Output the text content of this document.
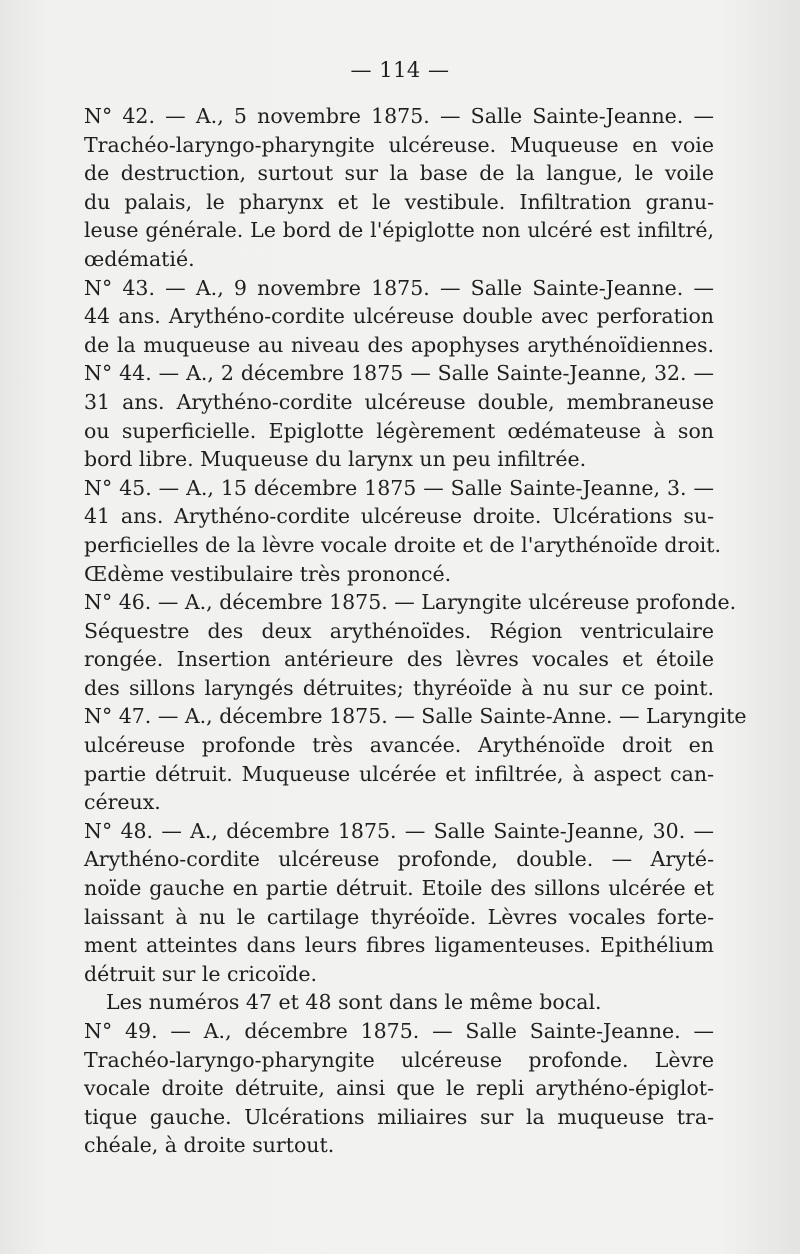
— 114 —

N° 42. — A., 5 novembre 1875. — Salle Sainte-Jeanne. —
Trachéo-laryngo-pharyngite ulcéreuse. Muqueuse en voie
de destruction, surtout sur la base de la langue, le voile
du palais, le pharynx et le vestibule. Infiltration granu-
leuse générale. Le bord de l'épiglotte non ulcéré est infiltré,
œdématié.

N° 43. — A., 9 novembre 1875. — Salle Sainte-Jeanne. —
44 ans. Arythéno-cordite ulcéreuse double avec perforation
de la muqueuse au niveau des apophyses arythénoïdiennes.

N° 44. — A., 2 décembre 1875 — Salle Sainte-Jeanne, 32. —
31 ans. Arythéno-cordite ulcéreuse double, membraneuse
ou superficielle. Epiglotte légèrement œdémateuse à son
bord libre. Muqueuse du larynx un peu infiltrée.

N° 45. — A., 15 décembre 1875 — Salle Sainte-Jeanne, 3. —
41 ans. Arythéno-cordite ulcéreuse droite. Ulcérations su-
perficielles de la lèvre vocale droite et de l'arythénoïde droit.
Œdème vestibulaire très prononcé.

N° 46. — A., décembre 1875. — Laryngite ulcéreuse profonde.
Séquestre des deux arythénoïdes. Région ventriculaire
rongée. Insertion antérieure des lèvres vocales et étoile
des sillons laryngés détruites; thyréoïde à nu sur ce point.

N° 47. — A., décembre 1875. — Salle Sainte-Anne. — Laryngite
ulcéreuse profonde très avancée. Arythénoïde droit en
partie détruit. Muqueuse ulcérée et infiltrée, à aspect can-
céreux.

N° 48. — A., décembre 1875. — Salle Sainte-Jeanne, 30. —
Arythéno-cordite ulcéreuse profonde, double. — Aryté-
noïde gauche en partie détruit. Etoile des sillons ulcérée et
laissant à nu le cartilage thyréoïde. Lèvres vocales forte-
ment atteintes dans leurs fibres ligamenteuses. Epithélium
détruit sur le cricoïde.

Les numéros 47 et 48 sont dans le même bocal.

N° 49. — A., décembre 1875. — Salle Sainte-Jeanne. —
Trachéo-laryngo-pharyngite ulcéreuse profonde. Lèvre
vocale droite détruite, ainsi que le repli arythéno-épiglot-
tique gauche. Ulcérations miliaires sur la muqueuse tra-
chéale, à droite surtout.
